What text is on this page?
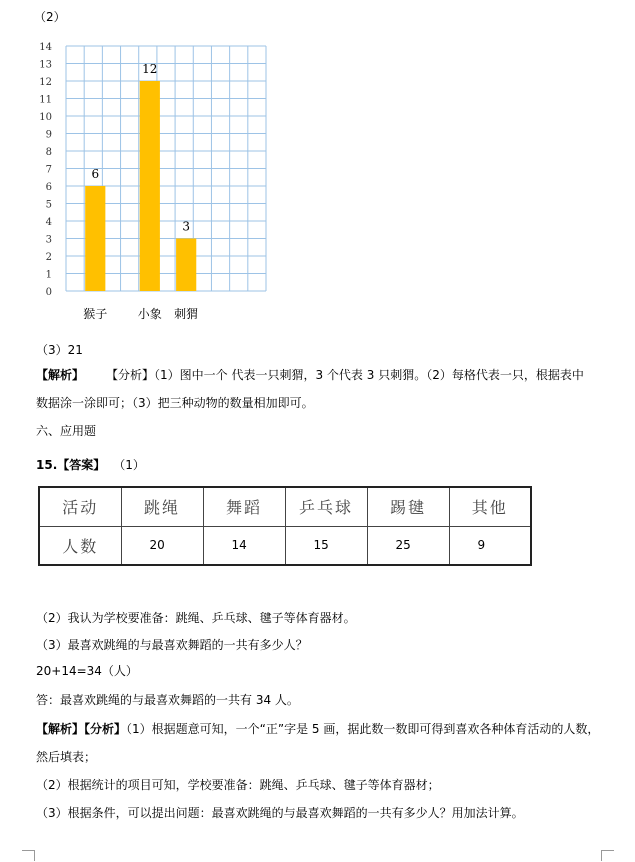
（2）
0
1
2
3
4
5
6
7
8
9
10
11
12
13
14
6
12
3
猴子	小象 刺猬
（3）21
【解析】 【分析】（1）图中一个 代表一只刺猬，3 个代表 3 只刺猬。（2）每格代表一只，根据表中
数据涂一涂即可；（3）把三种动物的数量相加即可。
六、应用题
15.【答案】 （1）
活动	跳绳	舞蹈	乒乓球	踢毽	其他
人数	20	14	15	25	9
（2）我认为学校要准备：跳绳、乒乓球、毽子等体育器材。
（3）最喜欢跳绳的与最喜欢舞蹈的一共有多少人？
20+14=34（人）
答：最喜欢跳绳的与最喜欢舞蹈的一共有 34 人。
【解析】【分析】（1）根据题意可知，一个“正”字是 5 画，据此数一数即可得到喜欢各种体育活动的人数，
然后填表；
（2）根据统计的项目可知，学校要准备：跳绳、乒乓球、毽子等体育器材；
（3）根据条件，可以提出问题：最喜欢跳绳的与最喜欢舞蹈的一共有多少人？用加法计算。
